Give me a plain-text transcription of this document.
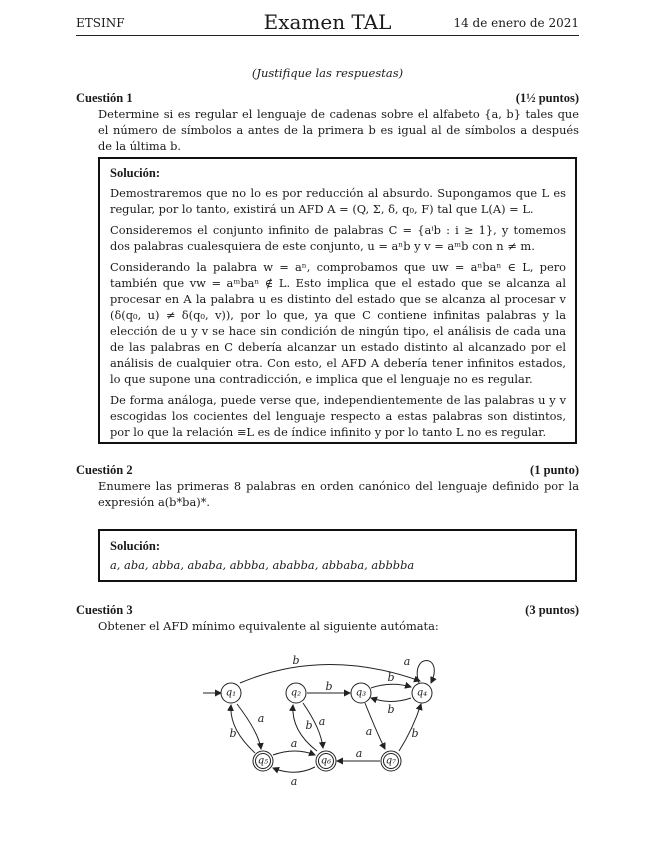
ETSINF	Examen TAL	14 de enero de 2021
(Justifique las respuestas)
Cuestión 1	(1½ puntos)
Determine si es regular el lenguaje de cadenas sobre el alfabeto {a, b} tales que el número de símbolos a antes de la primera b es igual al de símbolos a después de la última b.
Solución:

Demostraremos que no lo es por reducción al absurdo. Supongamos que L es regular, por lo tanto, existirá un AFD A = (Q, Σ, δ, q₀, F) tal que L(A) = L.

Consideremos el conjunto infinito de palabras C = {aⁱb : i ≥ 1}, y tomemos dos palabras cualesquiera de este conjunto, u = aⁿb y v = aᵐb con n ≠ m.

Considerando la palabra w = aⁿ, comprobamos que uw = aⁿbaⁿ ∈ L, pero también que vw = aᵐbaⁿ ∉ L. Esto implica que el estado que se alcanza al procesar en A la palabra u es distinto del estado que se alcanza al procesar v (δ(q₀, u) ≠ δ(q₀, v)), por lo que, ya que C contiene infinitas palabras y la elección de u y v se hace sin condición de ningún tipo, el análisis de cada una de las palabras en C debería alcanzar un estado distinto al alcanzado por el análisis de cualquier otra. Con esto, el AFD A debería tener infinitos estados, lo que supone una contradicción, e implica que el lenguaje no es regular.

De forma análoga, puede verse que, independientemente de las palabras u y v escogidas los cocientes del lenguaje respecto a estas palabras son distintos, por lo que la relación ≡L es de índice infinito y por lo tanto L no es regular.

Cuestión 2	(1 punto)
Enumere las primeras 8 palabras en orden canónico del lenguaje definido por la expresión a(b*ba)*.
Solución:
a, aba, abba, ababa, abbba, ababba, abbaba, abbbba
Cuestión 3	(3 puntos)
Obtener el AFD mínimo equivalente al siguiente autómata:
b
a
b
b
a
b
b
b
a
a
b
a
a
a
q₁	q₂	q₃	q₄
q₅	q₆	q₇
